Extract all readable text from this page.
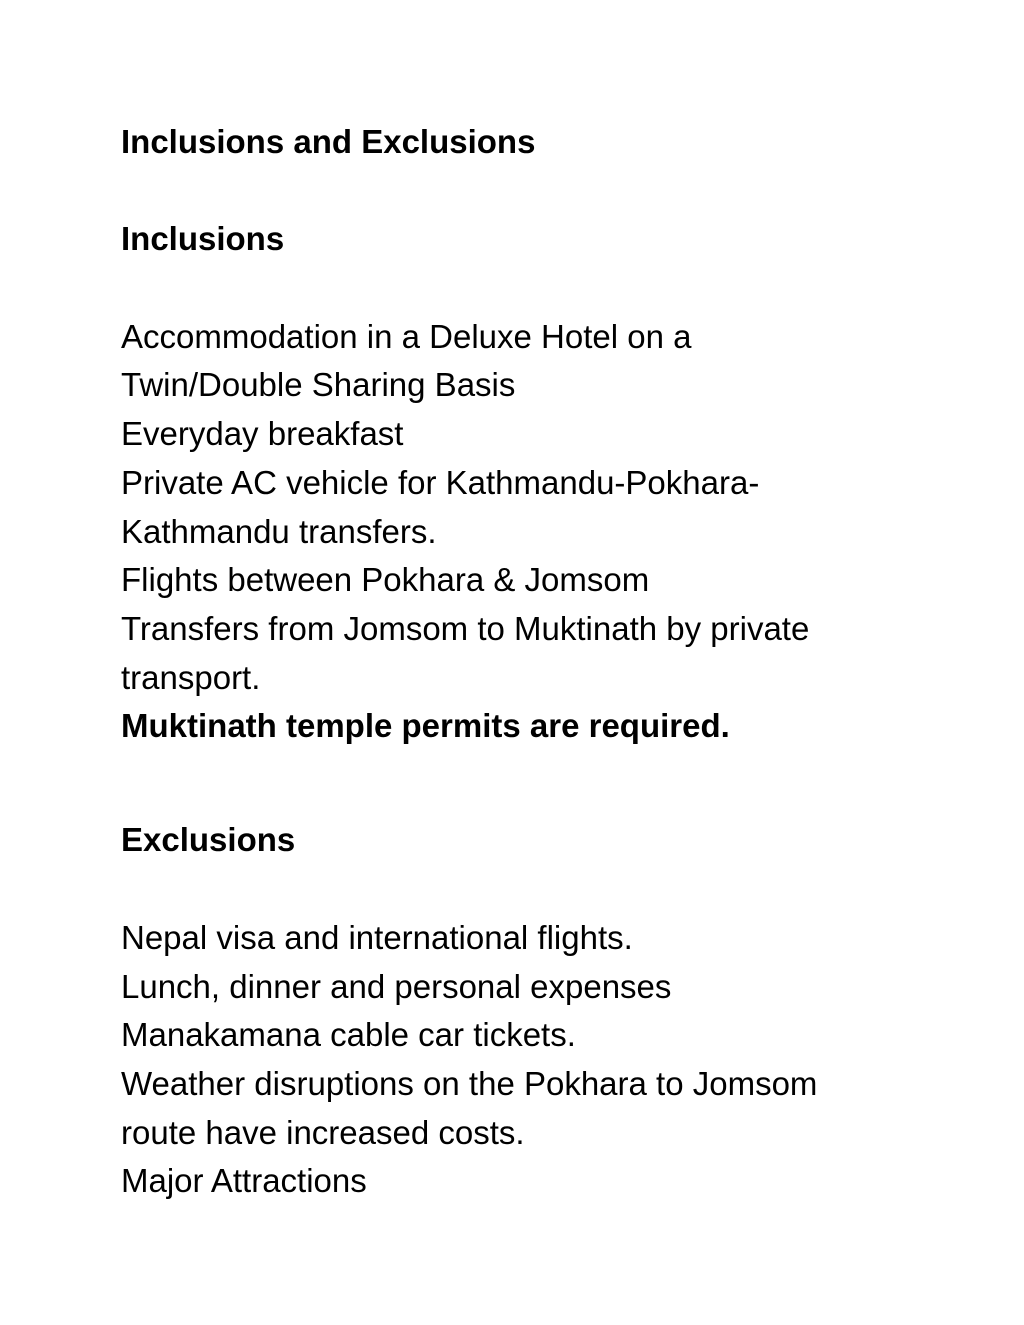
Inclusions and Exclusions
Inclusions

Accommodation in a Deluxe Hotel on a

Twin/Double Sharing Basis

Everyday breakfast

Private AC vehicle for Kathmandu-Pokhara-

Kathmandu transfers.

Flights between Pokhara & Jomsom

Transfers from Jomsom to Muktinath by private

transport.

Muktinath temple permits are required.

Exclusions

Nepal visa and international flights.

Lunch, dinner and personal expenses

Manakamana cable car tickets.

Weather disruptions on the Pokhara to Jomsom

route have increased costs.

Major Attractions
